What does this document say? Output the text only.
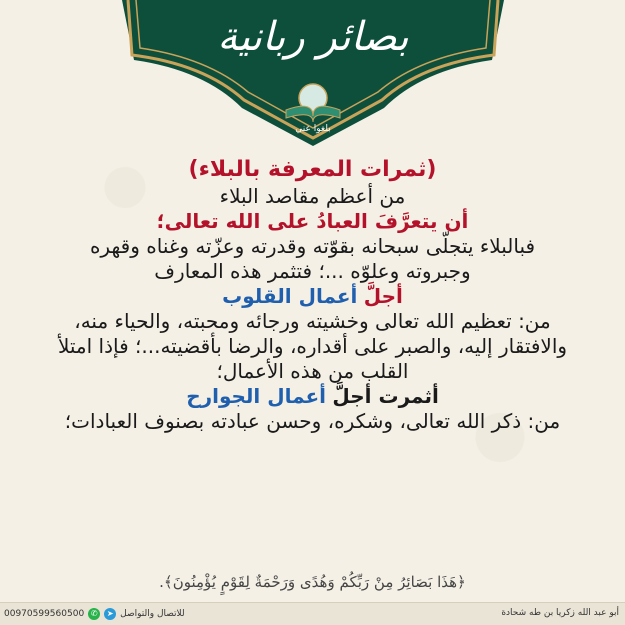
بصائر ربانية
بلغوا عني

(ثمرات المعرفة بالبلاء)

من أعظم مقاصد البلاء

أن يتعرَّفَ العبادُ على الله تعالى؛

فبالبلاء يتجلّى سبحانه بقوّته وقدرته وعزّته وغناه وقهره

وجبروته وعلوّه ...؛ فتثمر هذه المعارف

أجلَّ أعمال القلوب

من: تعظيم الله تعالى وخشيته ورجائه ومحبته، والحياء منه،

والافتقار إليه، والصبر على أقداره، والرضا بأقضيته...؛ فإذا امتلأ

القلب من هذه الأعمال؛

أثمرت أجلَّ أعمال الجوارح

من: ذكر الله تعالى، وشكره، وحسن عبادته بصنوف العبادات؛

﴿هَذَا بَصَائِرُ مِنْ رَبِّكُمْ وَهُدًى وَرَحْمَةٌ لِقَوْمٍ يُؤْمِنُونَ﴾.
00970599560500 ✆	➤ للاتصال والتواصل	أبو عبد الله زكريا بن طه شحادة
